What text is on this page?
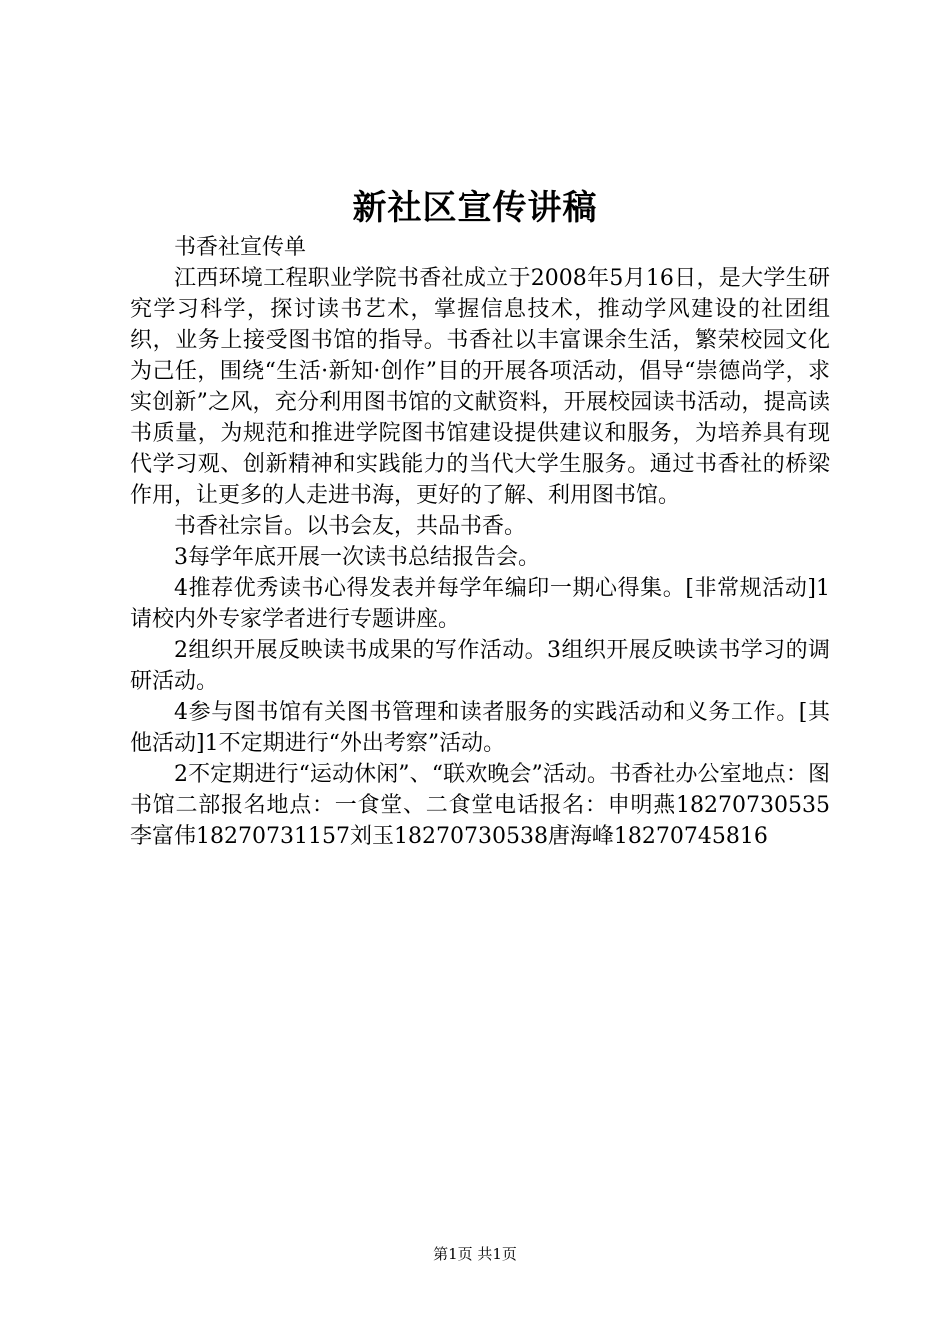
新社区宣传讲稿

书香社宣传单

江西环境工程职业学院书香社成立于2008年5月16日，是大学生研究学习科学，探讨读书艺术，掌握信息技术，推动学风建设的社团组织，业务上接受图书馆的指导。书香社以丰富课余生活，繁荣校园文化为己任，围绕“生活·新知·创作”目的开展各项活动，倡导“崇德尚学，求实创新”之风，充分利用图书馆的文献资料，开展校园读书活动，提高读书质量，为规范和推进学院图书馆建设提供建议和服务，为培养具有现代学习观、创新精神和实践能力的当代大学生服务。通过书香社的桥梁作用，让更多的人走进书海，更好的了解、利用图书馆。

书香社宗旨。以书会友，共品书香。

3每学年底开展一次读书总结报告会。

4推荐优秀读书心得发表并每学年编印一期心得集。[非常规活动]1请校内外专家学者进行专题讲座。

2组织开展反映读书成果的写作活动。3组织开展反映读书学习的调研活动。

4参与图书馆有关图书管理和读者服务的实践活动和义务工作。[其他活动]1不定期进行“外出考察”活动。

2不定期进行“运动休闲”、“联欢晚会”活动。书香社办公室地点：图书馆二部报名地点：一食堂、二食堂电话报名：申明燕18270730535李富伟18270731157刘玉18270730538唐海峰18270745816

第1页 共1页
